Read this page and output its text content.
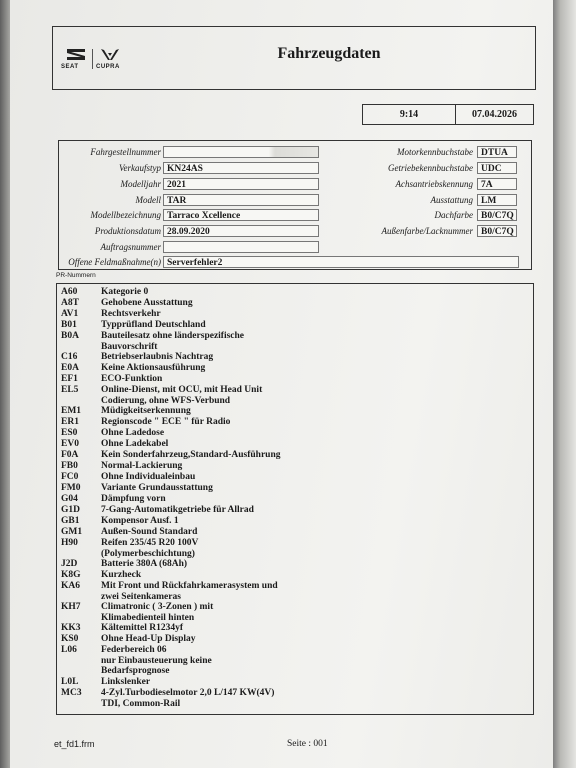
SEAT	CUPRA
Fahrzeugdaten
9:14	07.04.2026
Fahrgestellnummer
Verkaufstyp KN24AS
Modelljahr 2021
Modell TAR
Modellbezeichnung Tarraco Xcellence
Produktionsdatum 28.09.2020
Auftragsnummer
Offene Feldmaßnahme(n) Serverfehler2
Motorkennbuchstabe DTUA
Getriebekennbuchstabe UDC
Achsantriebskennung 7A
Ausstattung LM
Dachfarbe B0/C7Q
Außenfarbe/Lacknummer B0/C7Q
PR-Nummern
A60	Kategorie 0
A8T	Gehobene Ausstattung
AV1	Rechtsverkehr
B01	Typprüfland Deutschland
B0A	Bauteilesatz ohne länderspezifische
Bauvorschrift
C16	Betriebserlaubnis Nachtrag
E0A	Keine Aktionsausführung
EF1	ECO-Funktion
EL5	Online-Dienst, mit OCU, mit Head Unit
Codierung, ohne WFS-Verbund
EM1	Müdigkeitserkennung
ER1	Regionscode " ECE " für Radio
ES0	Ohne Ladedose
EV0	Ohne Ladekabel
F0A	Kein Sonderfahrzeug,Standard-Ausführung
FB0	Normal-Lackierung
FC0	Ohne Individualeinbau
FM0	Variante Grundausstattung
G04	Dämpfung vorn
G1D	7-Gang-Automatikgetriebe für Allrad
GB1	Kompensor Ausf. 1
GM1	Außen-Sound Standard
H90	Reifen 235/45 R20 100V
(Polymerbeschichtung)
J2D	Batterie 380A (68Ah)
K8G	Kurzheck
KA6	Mit Front und Rückfahrkamerasystem und
zwei Seitenkameras
KH7	Climatronic ( 3-Zonen ) mit
Klimabedienteil hinten
KK3	Kältemittel R1234yf
KS0	Ohne Head-Up Display
L06	Federbereich 06
nur Einbausteuerung keine
Bedarfsprognose
L0L	Linkslenker
MC3	4-Zyl.Turbodieselmotor 2,0 L/147 KW(4V)
TDI, Common-Rail
et_fd1.frm	Seite : 001
